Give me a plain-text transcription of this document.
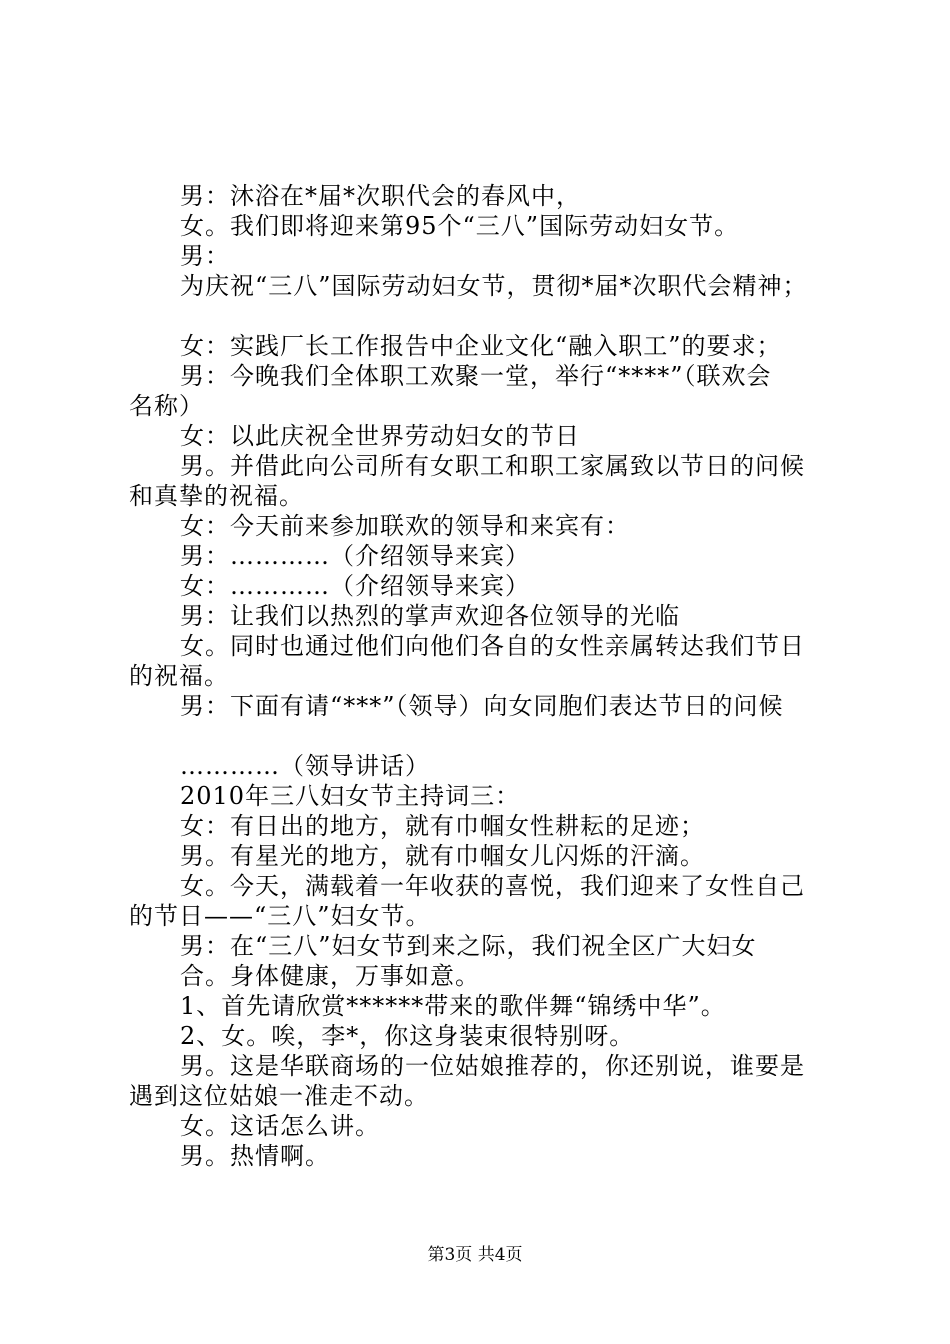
男：沐浴在*届*次职代会的春风中，
女。我们即将迎来第95个“三八”国际劳动妇女节。
男：
为庆祝“三八”国际劳动妇女节，贯彻*届*次职代会精神；
女：实践厂长工作报告中企业文化“融入职工”的要求；
男：今晚我们全体职工欢聚一堂，举行“****”（联欢会
名称）
女：以此庆祝全世界劳动妇女的节日
男。并借此向公司所有女职工和职工家属致以节日的问候
和真挚的祝福。
女：今天前来参加联欢的领导和来宾有：
男：…………（介绍领导来宾）
女：…………（介绍领导来宾）
男：让我们以热烈的掌声欢迎各位领导的光临
女。同时也通过他们向他们各自的女性亲属转达我们节日
的祝福。
男：下面有请“***”（领导）向女同胞们表达节日的问候
…………（领导讲话）
2010年三八妇女节主持词三：
女：有日出的地方，就有巾帼女性耕耘的足迹；
男。有星光的地方，就有巾帼女儿闪烁的汗滴。
女。今天，满载着一年收获的喜悦，我们迎来了女性自己
的节日——“三八”妇女节。
男：在“三八”妇女节到来之际，我们祝全区广大妇女
合。身体健康，万事如意。
1、首先请欣赏******带来的歌伴舞“锦绣中华”。
2、女。唉，李*，你这身装束很特别呀。
男。这是华联商场的一位姑娘推荐的，你还别说，谁要是
遇到这位姑娘一准走不动。
女。这话怎么讲。
男。热情啊。
第3页 共4页
